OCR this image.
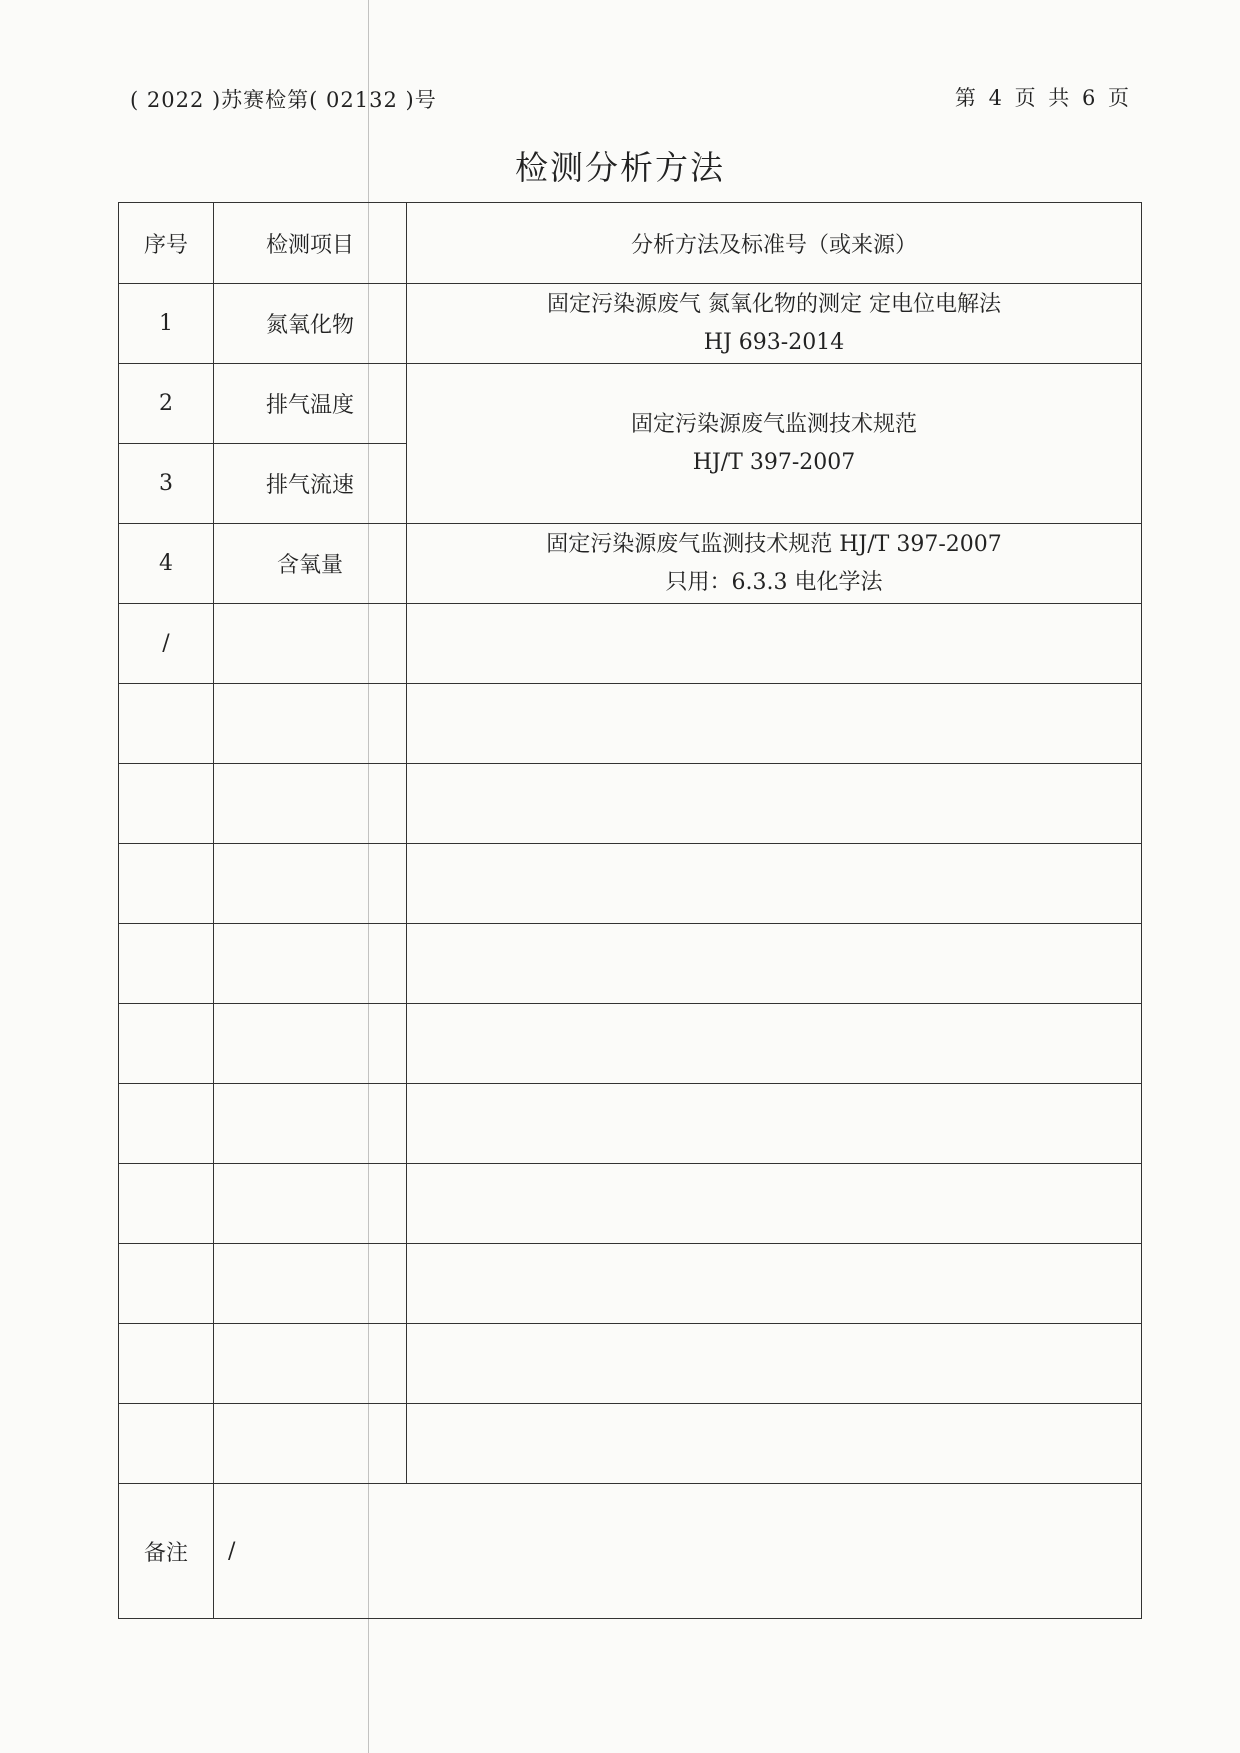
( 2022 )苏赛检第( 02132 )号	第 4 页 共 6 页
检测分析方法
序号	检测项目	分析方法及标准号（或来源）
1	氮氧化物	固定污染源废气 氮氧化物的测定 定电位电解法
HJ 693-2014

2	排气温度	固定污染源废气监测技术规范
HJ/T 397-2007

3	排气流速	
4	含氧量	固定污染源废气监测技术规范 HJ/T 397-2007
只用：6.3.3 电化学法

/		

备注	/	
